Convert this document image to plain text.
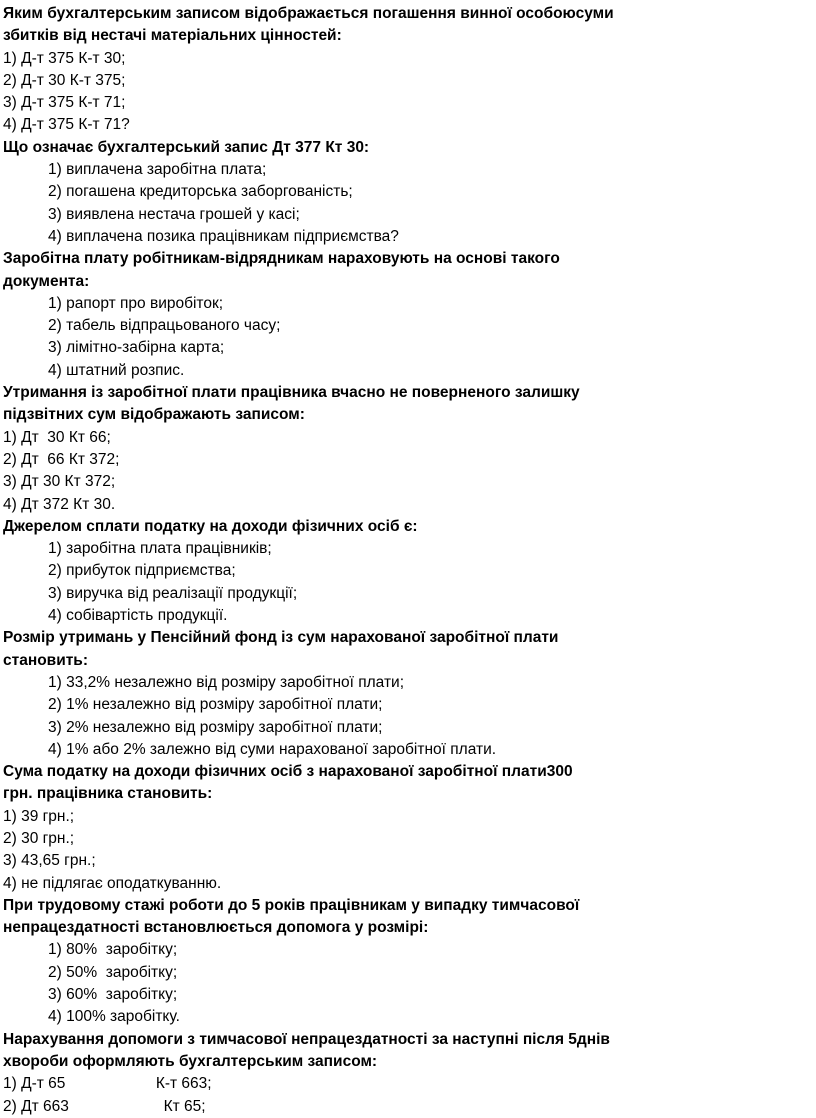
Яким бухгалтерським записом відображається погашення винної особоюсуми
збитків від нестачі матеріальних цінностей:
1) Д-т 375 К-т 30;
2) Д-т 30 К-т 375;
3) Д-т 375 К-т 71;
4) Д-т 375 К-т 71?
Що означає бухгалтерський запис Дт 377 Кт 30:
1) виплачена заробітна плата;
2) погашена кредиторська заборгованість;
3) виявлена нестача грошей у касі;
4) виплачена позика працівникам підприємства?
Заробітна плату робітникам-відрядникам нараховують на основі такого
документа:
1) рапорт про виробіток;
2) табель відпрацьованого часу;
3) лімітно-забірна карта;
4) штатний розпис.
Утримання із заробітної плати працівника вчасно не поверненого залишку
підзвітних сум відображають записом:
1) Дт  30 Кт 66;
2) Дт  66 Кт 372;
3) Дт 30 Кт 372;
4) Дт 372 Кт 30.
Джерелом сплати податку на доходи фізичних осіб є:
1) заробітна плата працівників;
2) прибуток підприємства;
3) виручка від реалізації продукції;
4) собівартість продукції.
Розмір утримань у Пенсійний фонд із сум нарахованої заробітної плати
становить:
1) 33,2% незалежно від розміру заробітної плати;
2) 1% незалежно від розміру заробітної плати;
3) 2% незалежно від розміру заробітної плати;
4) 1% або 2% залежно від суми нарахованої заробітної плати.
Сума податку на доходи фізичних осіб з нарахованої заробітної плати300
грн. працівника становить:
1) 39 грн.;
2) 30 грн.;
3) 43,65 грн.;
4) не підлягає оподаткуванню.
При трудовому стажі роботи до 5 років працівникам у випадку тимчасової
непрацездатності встановлюється допомога у розмірі:
1) 80%  заробітку;
2) 50%  заробітку;
3) 60%  заробітку;
4) 100% заробітку.
Нарахування допомоги з тимчасової непрацездатності за наступні після 5днів
хвороби оформляють бухгалтерським записом:
1) Д-т 65                     К-т 663;
2) Дт 663                      Кт 65;
